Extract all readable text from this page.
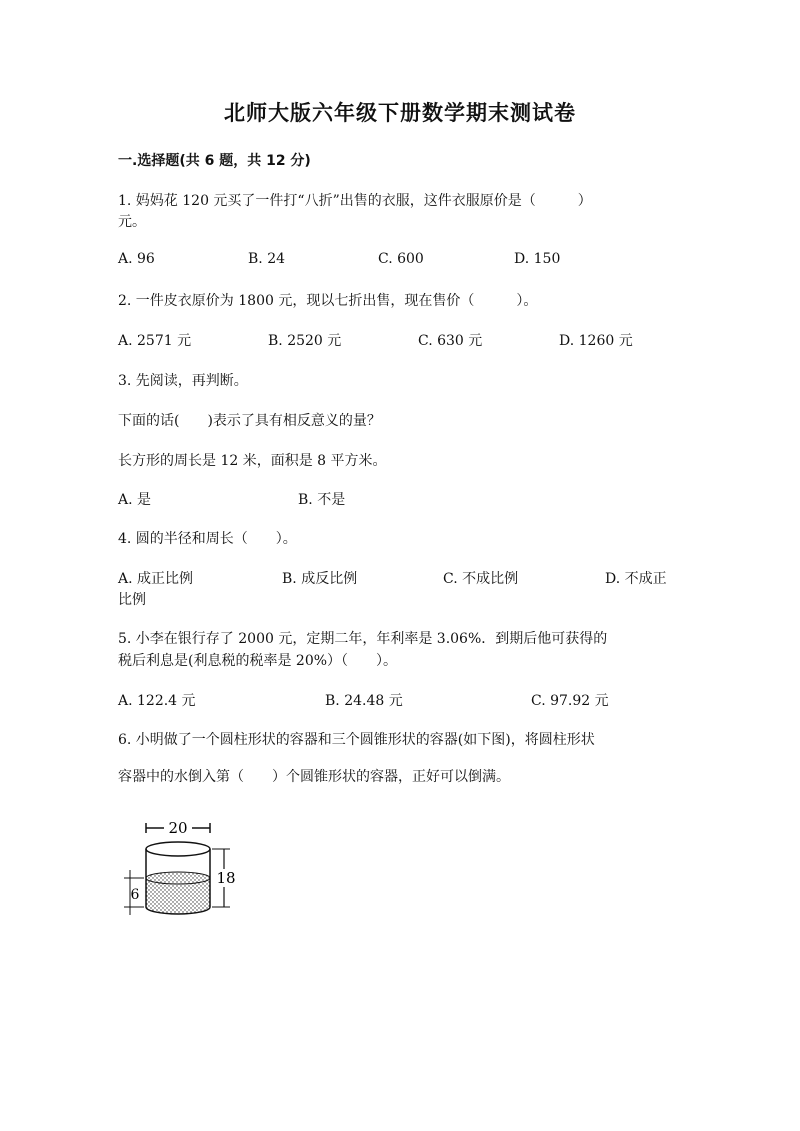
北师大版六年级下册数学期末测试卷
一.选择题(共 6 题，共 12 分)
1. 妈妈花 120 元买了一件打“八折”出售的衣服，这件衣服原价是（　　　）
元。
A. 96	B. 24	C. 600	D. 150
2. 一件皮衣原价为 1800 元，现以七折出售，现在售价（　　　）。
A. 2571 元	B. 2520 元	C. 630 元	D. 1260 元
3. 先阅读，再判断。
下面的话(　　)表示了具有相反意义的量？
长方形的周长是 12 米，面积是 8 平方米。
A. 是	B. 不是
4. 圆的半径和周长（　　）。
A. 成正比例	B. 成反比例	C. 不成比例	D. 不成正
比例
5. 小李在银行存了 2000 元，定期二年，年利率是 3.06%．到期后他可获得的
税后利息是(利息税的税率是 20%）（　　）。
A. 122.4 元	B. 24.48 元	C. 97.92 元
6. 小明做了一个圆柱形状的容器和三个圆锥形状的容器(如下图)，将圆柱形状
容器中的水倒入第（　　）个圆锥形状的容器，正好可以倒满。
20
18
6
